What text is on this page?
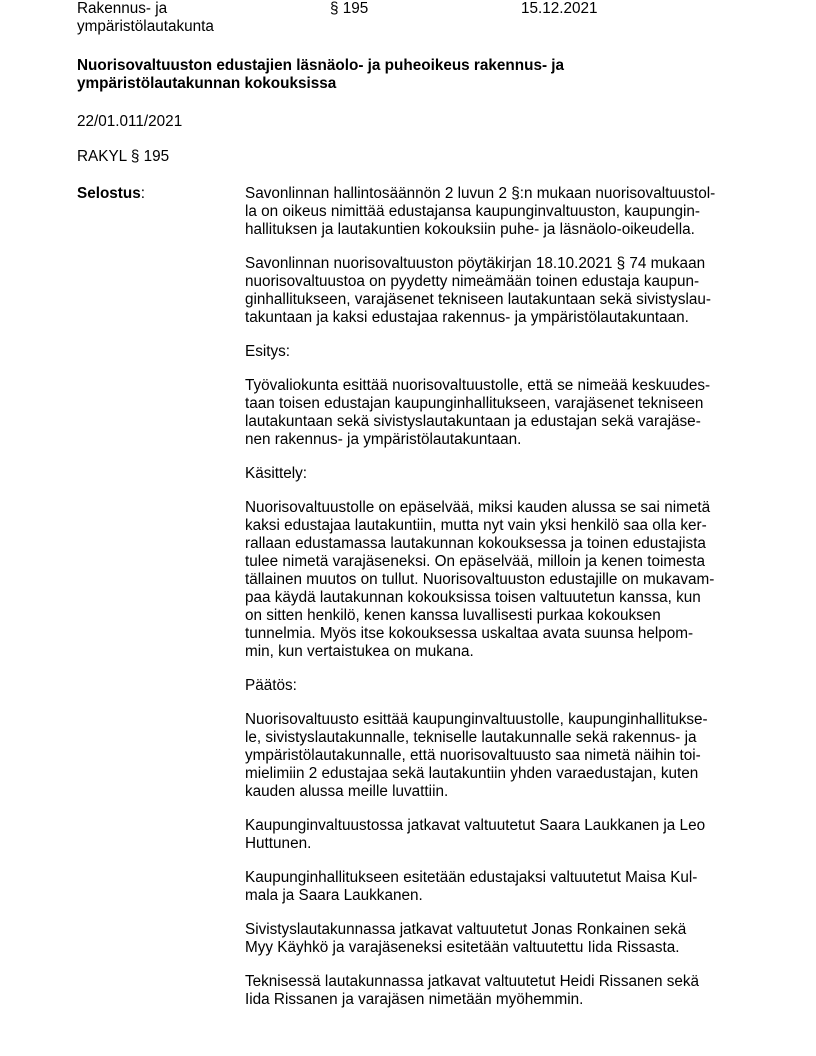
Rakennus- ja
ympäristölautakunta
§ 195	15.12.2021
Nuorisovaltuuston edustajien läsnäolo- ja puheoikeus rakennus- ja
ympäristölautakunnan kokouksissa

22/01.011/2021

RAKYL § 195

Selostus:	Savonlinnan hallintosäännön 2 luvun 2 §:n mukaan nuorisovaltuustol-
la on oikeus nimittää edustajansa kaupunginvaltuuston, kaupungin-
hallituksen ja lautakuntien kokouksiin puhe- ja läsnäolo-oikeudella.

Savonlinnan nuorisovaltuuston pöytäkirjan 18.10.2021 § 74 mukaan
nuorisovaltuustoa on pyydetty nimeämään toinen edustaja kaupun-
ginhallitukseen, varajäsenet tekniseen lautakuntaan sekä sivistyslau-
takuntaan ja kaksi edustajaa rakennus- ja ympäristölautakuntaan.

Esitys:

Työvaliokunta esittää nuorisovaltuustolle, että se nimeää keskuudes-
taan toisen edustajan kaupunginhallitukseen, varajäsenet tekniseen
lautakuntaan sekä sivistyslautakuntaan ja edustajan sekä varajäse-
nen rakennus- ja ympäristölautakuntaan.

Käsittely:

Nuorisovaltuustolle on epäselvää, miksi kauden alussa se sai nimetä
kaksi edustajaa lautakuntiin, mutta nyt vain yksi henkilö saa olla ker-
rallaan edustamassa lautakunnan kokouksessa ja toinen edustajista
tulee nimetä varajäseneksi. On epäselvää, milloin ja kenen toimesta
tällainen muutos on tullut. Nuorisovaltuuston edustajille on mukavam-
paa käydä lautakunnan kokouksissa toisen valtuutetun kanssa, kun
on sitten henkilö, kenen kanssa luvallisesti purkaa kokouksen
tunnelmia. Myös itse kokouksessa uskaltaa avata suunsa helpom-
min, kun vertaistukea on mukana.

Päätös:

Nuorisovaltuusto esittää kaupunginvaltuustolle, kaupunginhallitukse-
le, sivistyslautakunnalle, tekniselle lautakunnalle sekä rakennus- ja
ympäristölautakunnalle, että nuorisovaltuusto saa nimetä näihin toi-
mielimiin 2 edustajaa sekä lautakuntiin yhden varaedustajan, kuten
kauden alussa meille luvattiin.

Kaupunginvaltuustossa jatkavat valtuutetut Saara Laukkanen ja Leo
Huttunen.

Kaupunginhallitukseen esitetään edustajaksi valtuutetut Maisa Kul-
mala ja Saara Laukkanen.

Sivistyslautakunnassa jatkavat valtuutetut Jonas Ronkainen sekä
Myy Käyhkö ja varajäseneksi esitetään valtuutettu Iida Rissasta.

Teknisessä lautakunnassa jatkavat valtuutetut Heidi Rissanen sekä
Iida Rissanen ja varajäsen nimetään myöhemmin.
